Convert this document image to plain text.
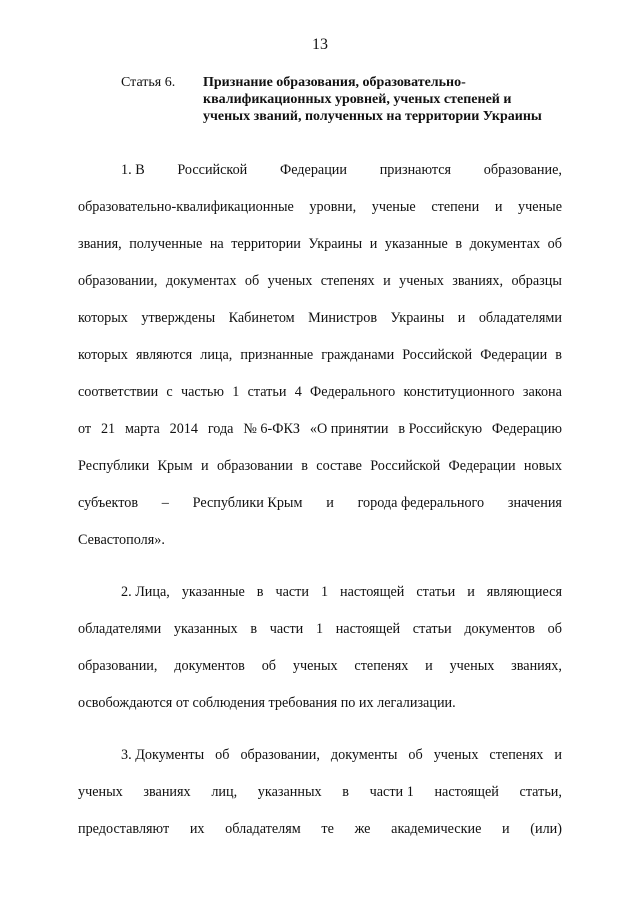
13
Статья 6. Признание образования, образовательно-квалификационных уровней, ученых степеней и ученых званий, полученных на территории Украины
1. В Российской Федерации признаются образование,
образовательно-квалификационные уровни, ученые степени и ученые
звания, полученные на территории Украины и указанные в документах об
образовании, документах об ученых степенях и ученых званиях, образцы
которых утверждены Кабинетом Министров Украины и обладателями
которых являются лица, признанные гражданами Российской Федерации в
соответствии с частью 1 статьи 4 Федерального конституционного закона
от 21 марта 2014 года № 6-ФКЗ «О принятии в Российскую Федерацию
Республики Крым и образовании в составе Российской Федерации новых
субъектов – Республики Крым и города федерального значения
Севастополя».
2. Лица, указанные в части 1 настоящей статьи и являющиеся
обладателями указанных в части 1 настоящей статьи документов об
образовании, документов об ученых степенях и ученых званиях,
освобождаются от соблюдения требования по их легализации.
3. Документы об образовании, документы об ученых степенях и
ученых званиях лиц, указанных в части 1 настоящей статьи,
предоставляют их обладателям те же академические и (или)
